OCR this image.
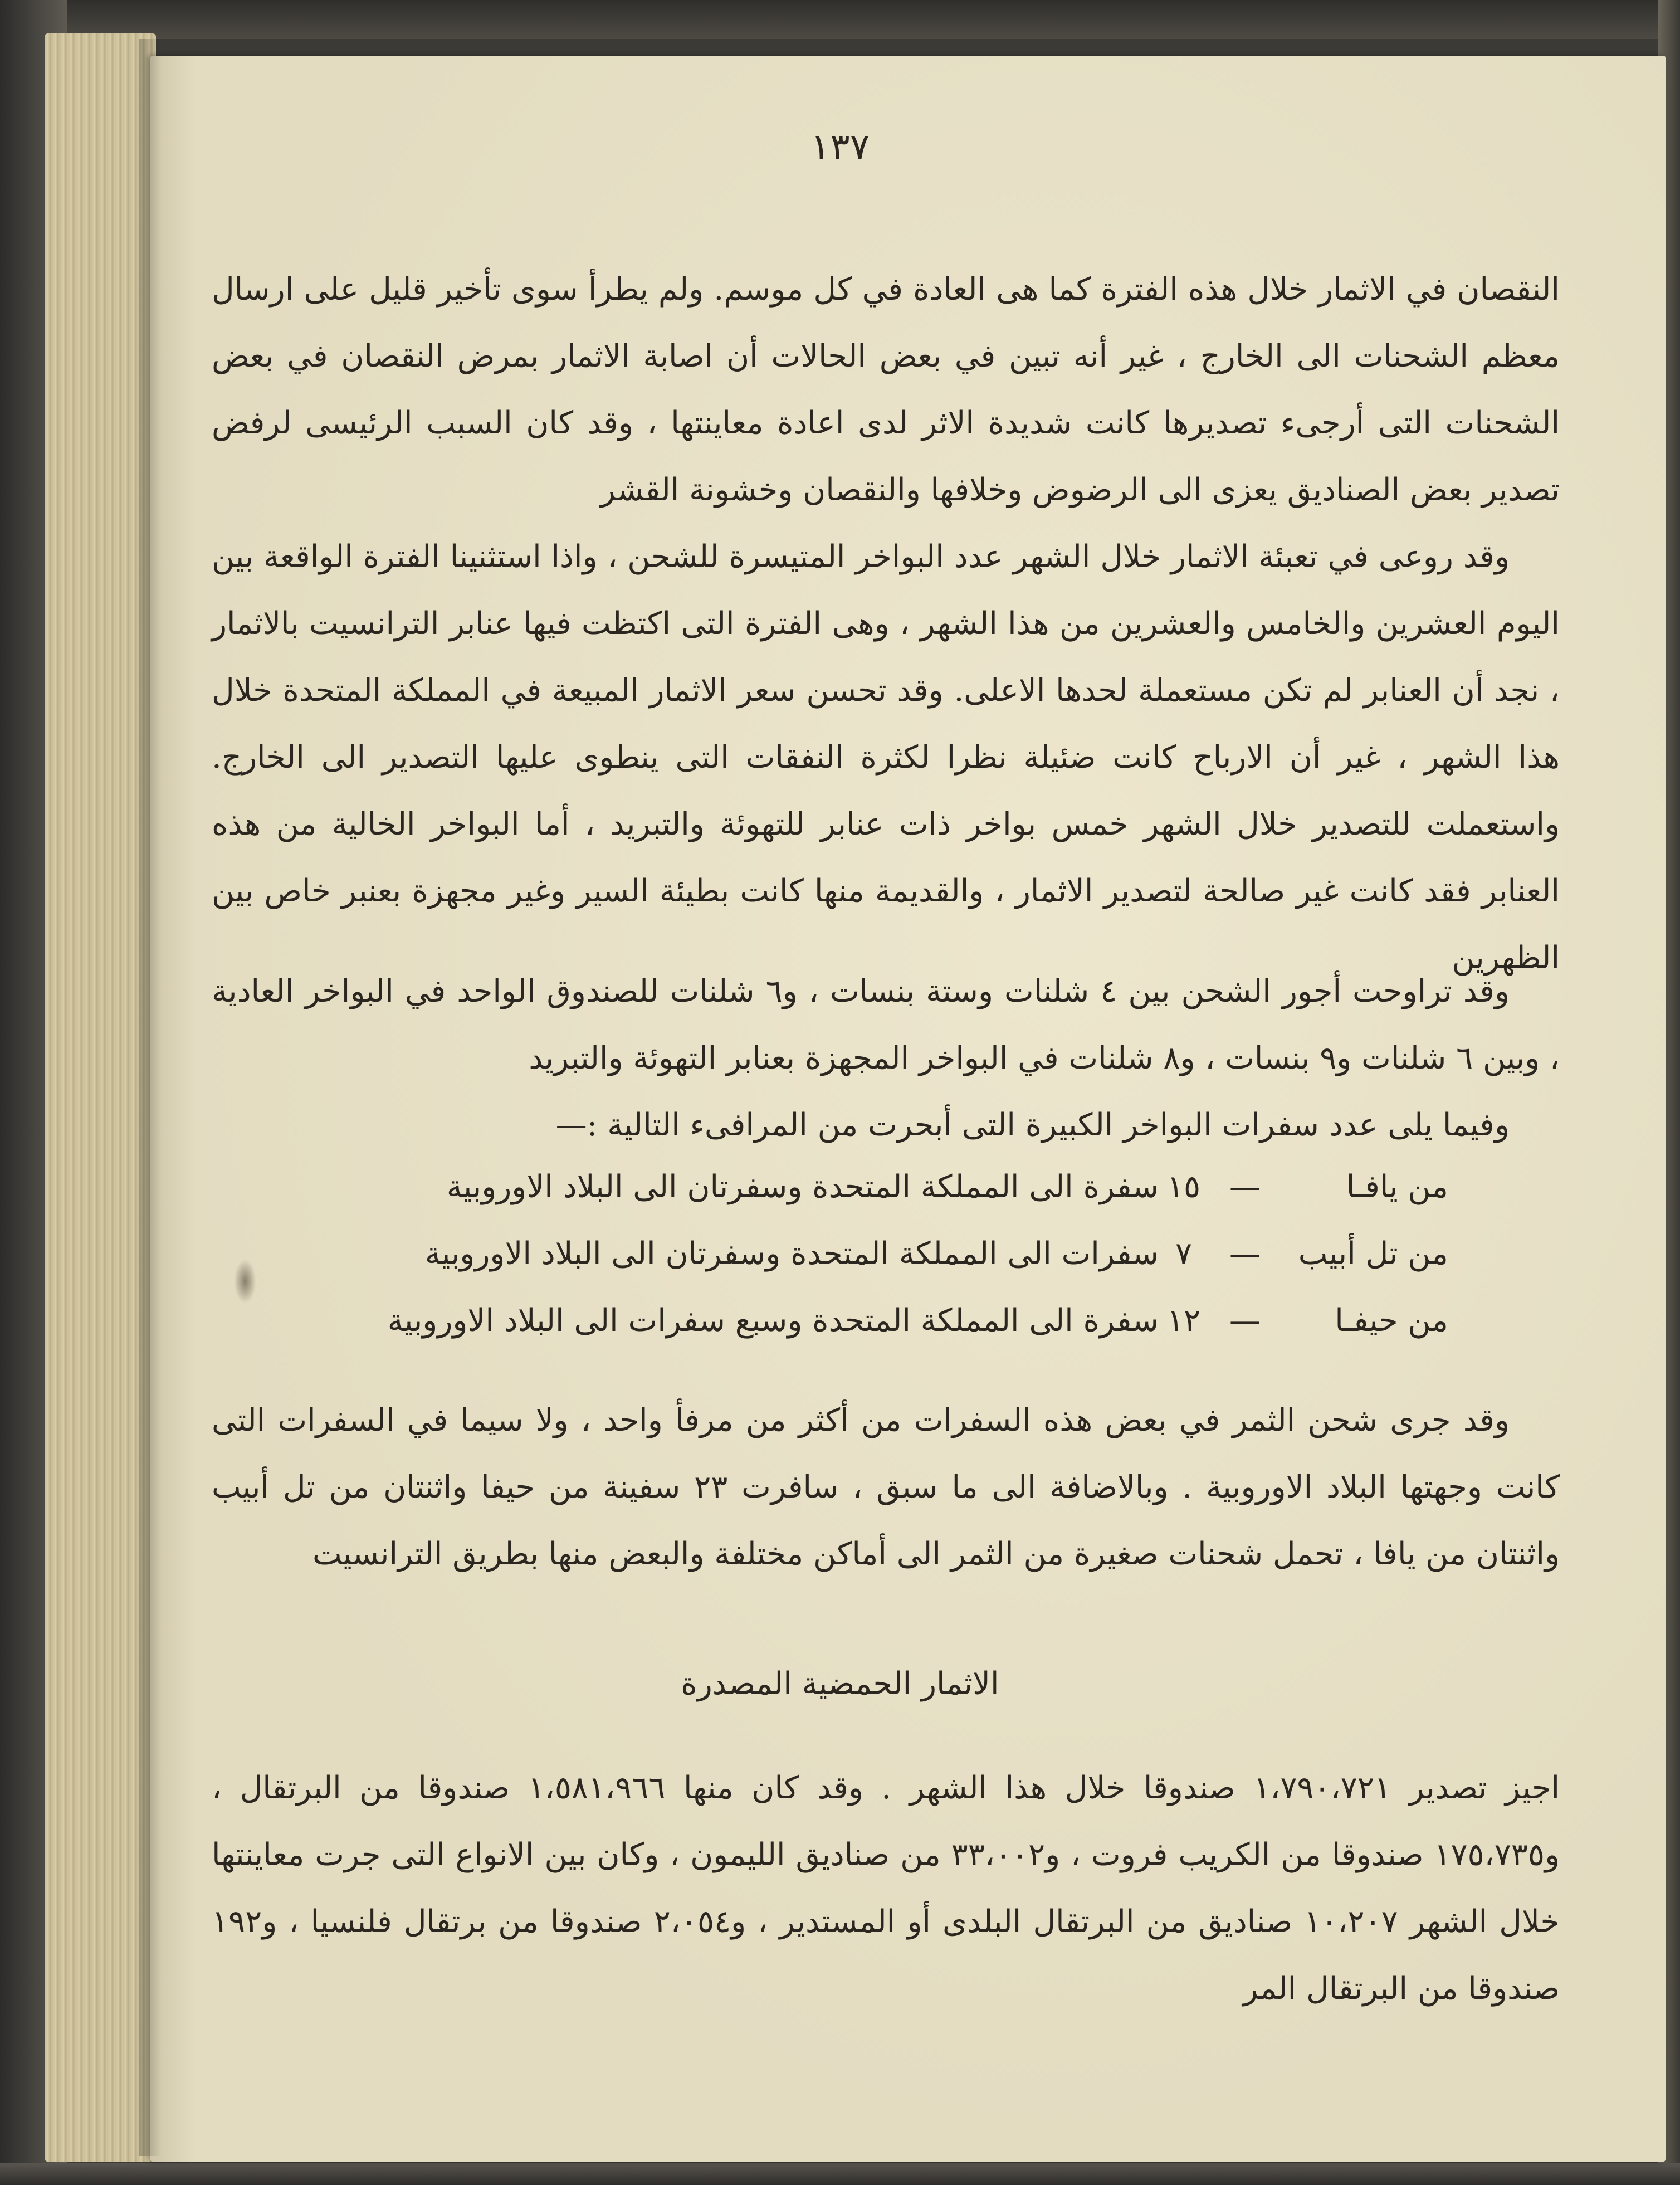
١٣٧

النقصان في الاثمار خلال هذه الفترة كما هى العادة في كل موسم. ولم يطرأ سوى تأخير قليل على ارسال معظم الشحنات الى الخارج ، غير أنه تبين في بعض الحالات أن اصابة الاثمار بمرض النقصان في بعض الشحنات التى أرجىء تصديرها كانت شديدة الاثر لدى اعادة معاينتها ، وقد كان السبب الرئيسى لرفض تصدير بعض الصناديق يعزى الى الرضوض وخلافها والنقصان وخشونة القشر

وقد روعى في تعبئة الاثمار خلال الشهر عدد البواخر المتيسرة للشحن ، واذا استثنينا الفترة الواقعة بين اليوم العشرين والخامس والعشرين من هذا الشهر ، وهى الفترة التى اكتظت فيها عنابر الترانسيت بالاثمار ، نجد أن العنابر لم تكن مستعملة لحدها الاعلى. وقد تحسن سعر الاثمار المبيعة في المملكة المتحدة خلال هذا الشهر ، غير أن الارباح كانت ضئيلة نظرا لكثرة النفقات التى ينطوى عليها التصدير الى الخارج. واستعملت للتصدير خلال الشهر خمس بواخر ذات عنابر للتهوئة والتبريد ، أما البواخر الخالية من هذه العنابر فقد كانت غير صالحة لتصدير الاثمار ، والقديمة منها كانت بطيئة السير وغير مجهزة بعنبر خاص بين الظهرين

وقد تراوحت أجور الشحن بين ٤ شلنات وستة بنسات ، و٦ شلنات للصندوق الواحد في البواخر العادية ، وبين ٦ شلنات و٩ بنسات ، و٨ شلنات في البواخر المجهزة بعنابر التهوئة والتبريد

وفيما يلى عدد سفرات البواخر الكبيرة التى أبحرت من المرافىء التالية :—

من يافـا
—
١٥
سفرة الى المملكة المتحدة وسفرتان الى البلاد الاوروبية
من تل أبيب
—
٧
سفرات الى المملكة المتحدة وسفرتان الى البلاد الاوروبية
من حيفـا
—
١٢
سفرة الى المملكة المتحدة وسبع سفرات الى البلاد الاوروبية

وقد جرى شحن الثمر في بعض هذه السفرات من أكثر من مرفأ واحد ، ولا سيما في السفرات التى كانت وجهتها البلاد الاوروبية . وبالاضافة الى ما سبق ، سافرت ٢٣ سفينة من حيفا واثنتان من تل أبيب واثنتان من يافا ، تحمل شحنات صغيرة من الثمر الى أماكن مختلفة والبعض منها بطريق الترانسيت

الاثمار الحمضية المصدرة

اجيز تصدير ١،٧٩٠،٧٢١ صندوقا خلال هذا الشهر . وقد كان منها ١،٥٨١،٩٦٦ صندوقا من البرتقال ، و١٧٥،٧٣٥ صندوقا من الكريب فروت ، و٣٣،٠٠٢ من صناديق الليمون ، وكان بين الانواع التى جرت معاينتها خلال الشهر ١٠،٢٠٧ صناديق من البرتقال البلدى أو المستدير ، و٢،٠٥٤ صندوقا من برتقال فلنسيا ، و١٩٢ صندوقا من البرتقال المر
